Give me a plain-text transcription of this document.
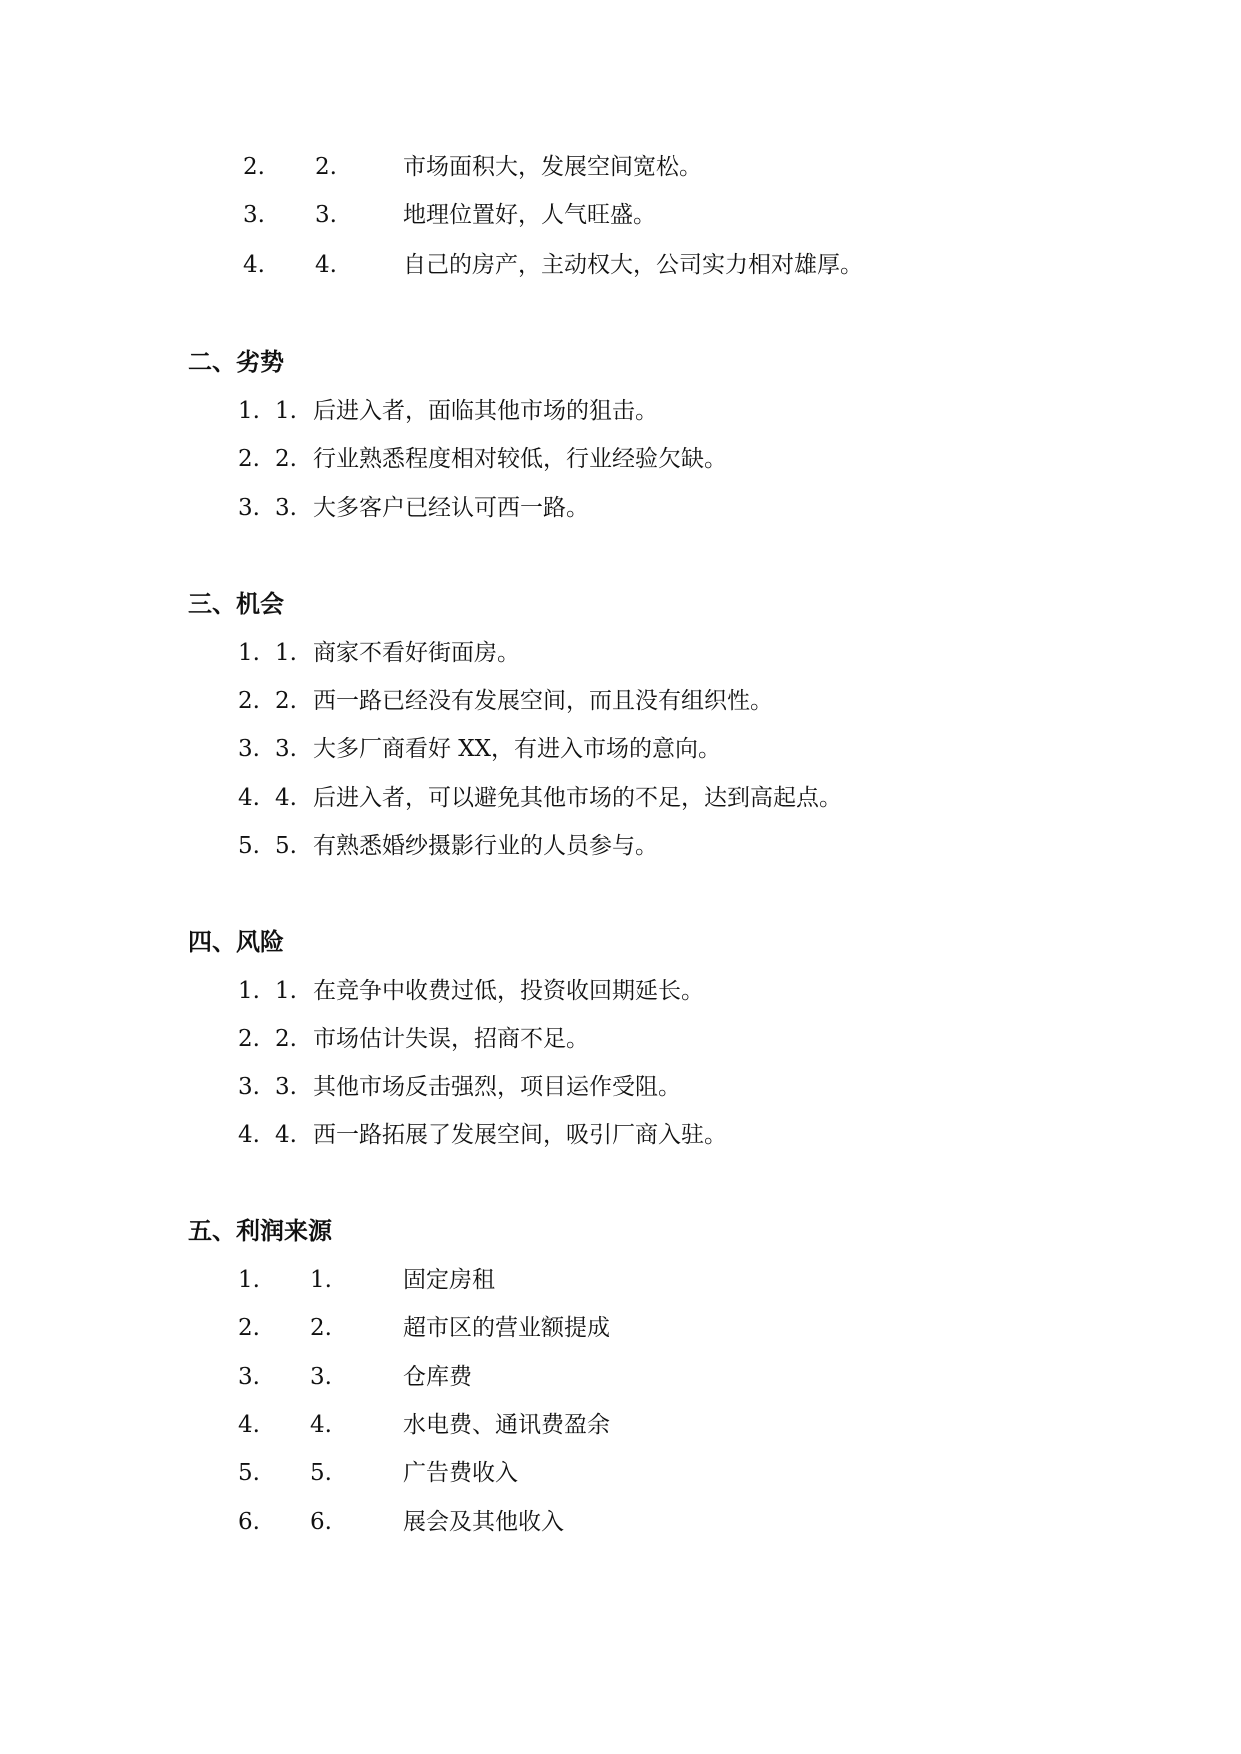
2. 2.	市场面积大，发展空间宽松。
3. 3.	地理位置好，人气旺盛。
4. 4.	自己的房产，主动权大，公司实力相对雄厚。
二、劣势
1. 1. 后进入者，面临其他市场的狙击。
2. 2. 行业熟悉程度相对较低，行业经验欠缺。
3. 3. 大多客户已经认可西一路。
三、机会
1. 1. 商家不看好街面房。
2. 2. 西一路已经没有发展空间，而且没有组织性。
3. 3. 大多厂商看好 XX，有进入市场的意向。
4. 4. 后进入者，可以避免其他市场的不足，达到高起点。
5. 5. 有熟悉婚纱摄影行业的人员参与。
四、风险
1. 1. 在竞争中收费过低，投资收回期延长。
2. 2. 市场估计失误，招商不足。
3. 3. 其他市场反击强烈，项目运作受阻。
4. 4. 西一路拓展了发展空间，吸引厂商入驻。
五、利润来源
1. 1.	固定房租
2. 2.	超市区的营业额提成
3. 3.	仓库费
4. 4.	水电费、通讯费盈余
5. 5.	广告费收入
6. 6.	展会及其他收入
